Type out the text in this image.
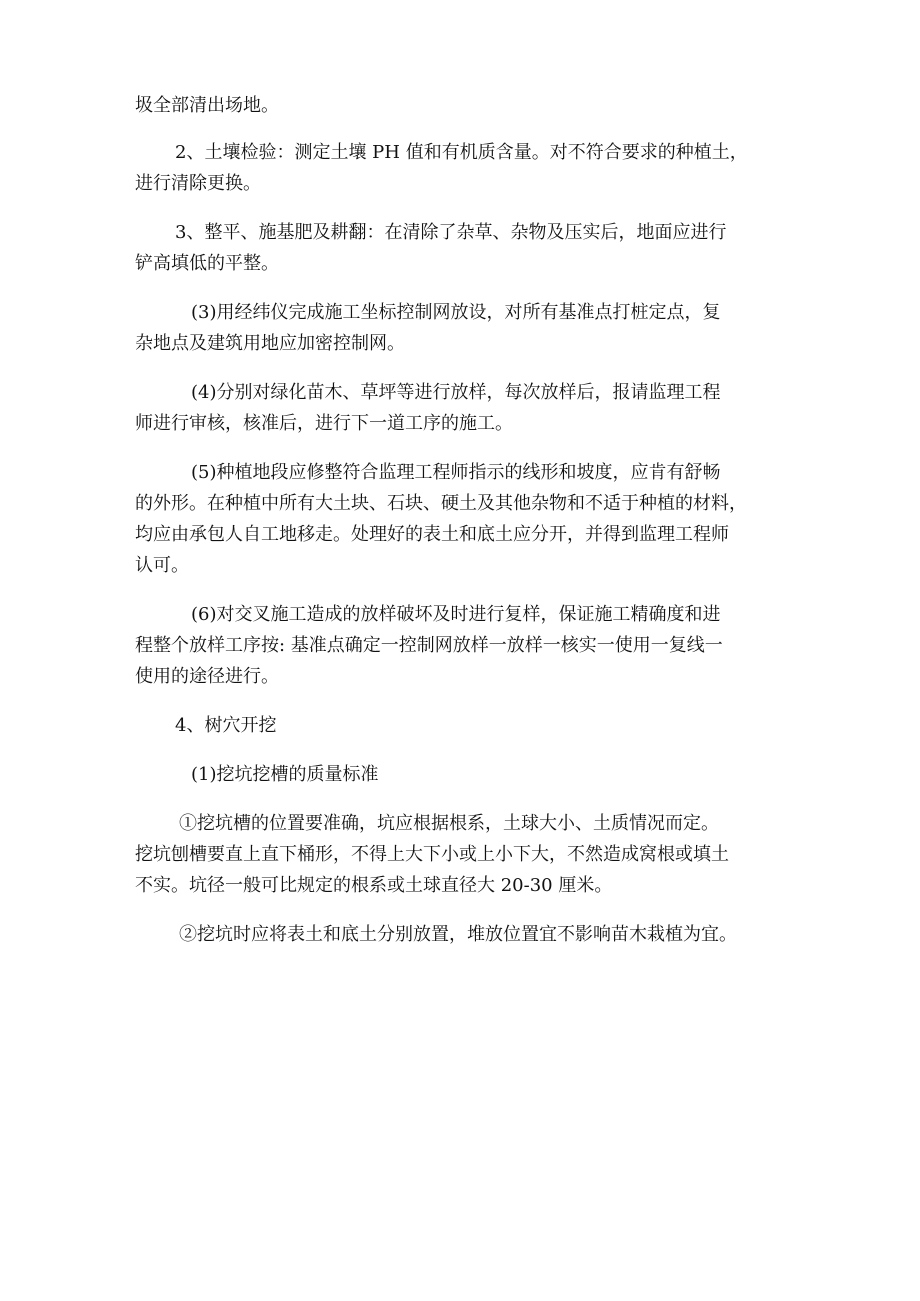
圾全部清出场地。
2、土壤检验：测定土壤 PH 值和有机质含量。对不符合要求的种植土，
进行清除更换。
3、整平、施基肥及耕翻：在清除了杂草、杂物及压实后，地面应进行
铲高填低的平整。
(3)用经纬仪完成施工坐标控制网放设，对所有基准点打桩定点，复
杂地点及建筑用地应加密控制网。
(4)分别对绿化苗木、草坪等进行放样，每次放样后，报请监理工程
师进行审核，核准后，进行下一道工序的施工。
(5)种植地段应修整符合监理工程师指示的线形和坡度，应肯有舒畅
的外形。在种植中所有大土块、石块、硬土及其他杂物和不适于种植的材料，
均应由承包人自工地移走。处理好的表土和底土应分开，并得到监理工程师
认可。
(6)对交叉施工造成的放样破坏及时进行复样，保证施工精确度和进
程整个放样工序按: 基准点确定一控制网放样一放样一核实一使用一复线一
使用的途径进行。
4、树穴开挖
(1)挖坑挖槽的质量标准
①挖坑槽的位置要准确，坑应根据根系，土球大小、土质情况而定。
挖坑刨槽要直上直下桶形，不得上大下小或上小下大，不然造成窝根或填土
不实。坑径一般可比规定的根系或土球直径大 20-30 厘米。
②挖坑时应将表土和底土分别放置，堆放位置宜不影响苗木栽植为宜。
